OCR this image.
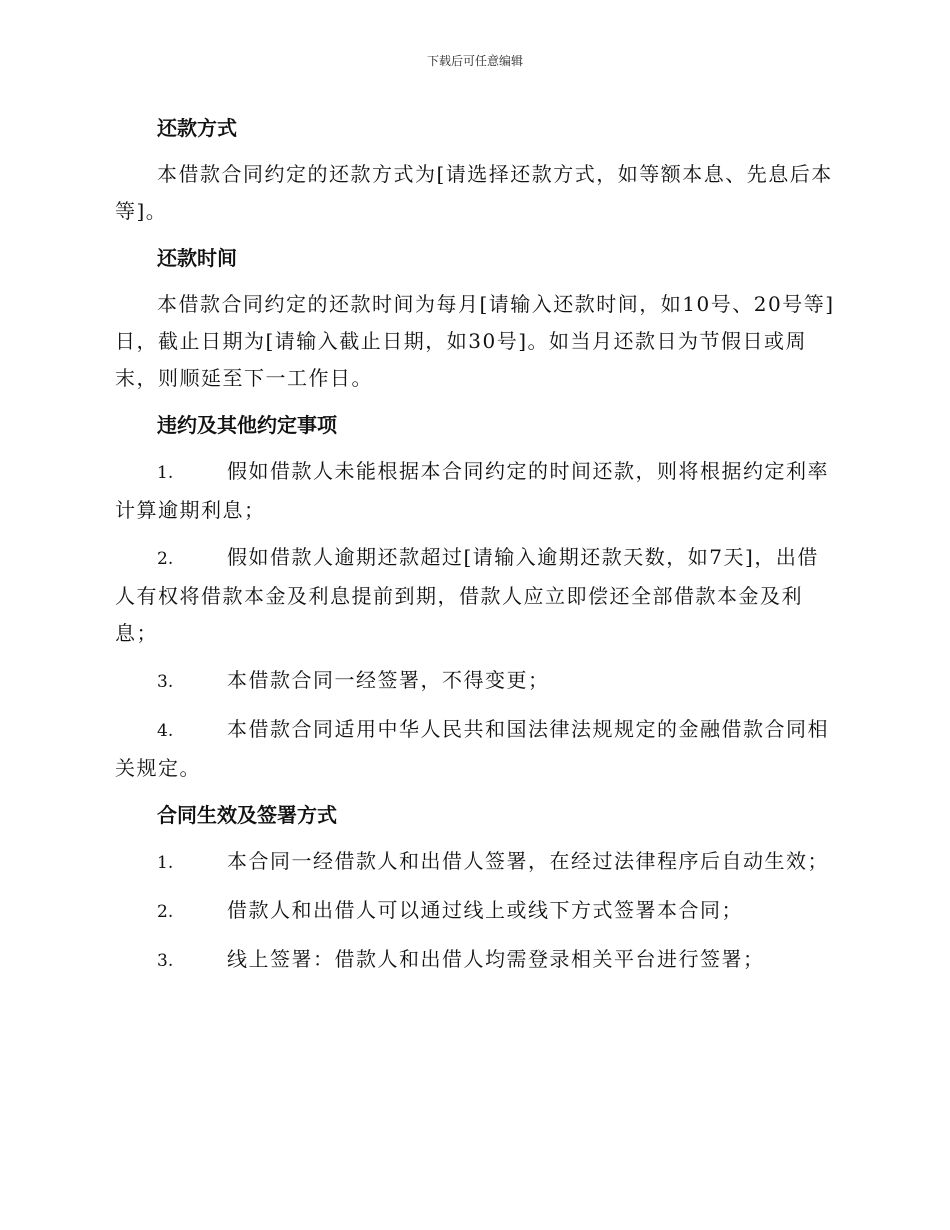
下载后可任意编辑
还款方式
本借款合同约定的还款方式为[请选择还款方式，如等额本息、先息后本等]。
还款时间
本借款合同约定的还款时间为每月[请输入还款时间，如10号、20号等]日，截止日期为[请输入截止日期，如30号]。如当月还款日为节假日或周末，则顺延至下一工作日。
违约及其他约定事项
1.	假如借款人未能根据本合同约定的时间还款，则将根据约定利率计算逾期利息；
2.	假如借款人逾期还款超过[请输入逾期还款天数，如7天]，出借人有权将借款本金及利息提前到期，借款人应立即偿还全部借款本金及利息；
3.	本借款合同一经签署，不得变更；
4.	本借款合同适用中华人民共和国法律法规规定的金融借款合同相关规定。
合同生效及签署方式
1.	本合同一经借款人和出借人签署，在经过法律程序后自动生效；
2.	借款人和出借人可以通过线上或线下方式签署本合同；
3.	线上签署：借款人和出借人均需登录相关平台进行签署；
